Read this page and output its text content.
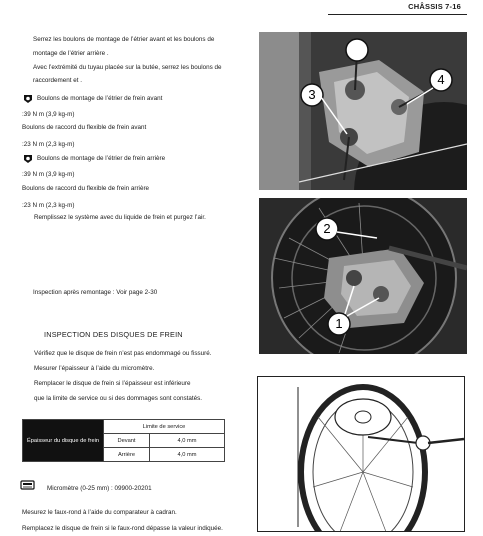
CHÂSSIS 7-16
Serrez les boulons de montage de l’étrier avant et les boulons de
montage de l’étrier arrière .
Avec l’extrémité du tuyau placée sur la butée, serrez les boulons de
raccordement et .
Boulons de montage de l’étrier de frein avant
:39 N m (3,9 kg-m)
Boulons de raccord du flexible de frein avant
:23 N m (2,3 kg-m)
Boulons de montage de l’étrier de frein arrière
:39 N m (3,9 kg-m)
Boulons de raccord du flexible de frein arrière
:23 N m (2,3 kg-m)
Remplissez le système avec du liquide de frein et purgez l’air.
Inspection après remontage : Voir page 2-30
INSPECTION DES DISQUES DE FREIN
Vérifiez que le disque de frein n’est pas endommagé ou fissuré.
Mesurer l’épaisseur à l’aide du micromètre.
Remplacer le disque de frein si l’épaisseur est inférieure
que la limite de service ou si des dommages sont constatés.
Épaisseur du disque de frein	Limite de service	
	Devant	4,0 mm
	Arrière	4,0 mm
Micromètre (0-25 mm) : 09900-20201
Mesurez le faux-rond à l’aide du comparateur à cadran.
Remplacez le disque de frein si le faux-rond dépasse la valeur indiquée.
3
4
2
1
